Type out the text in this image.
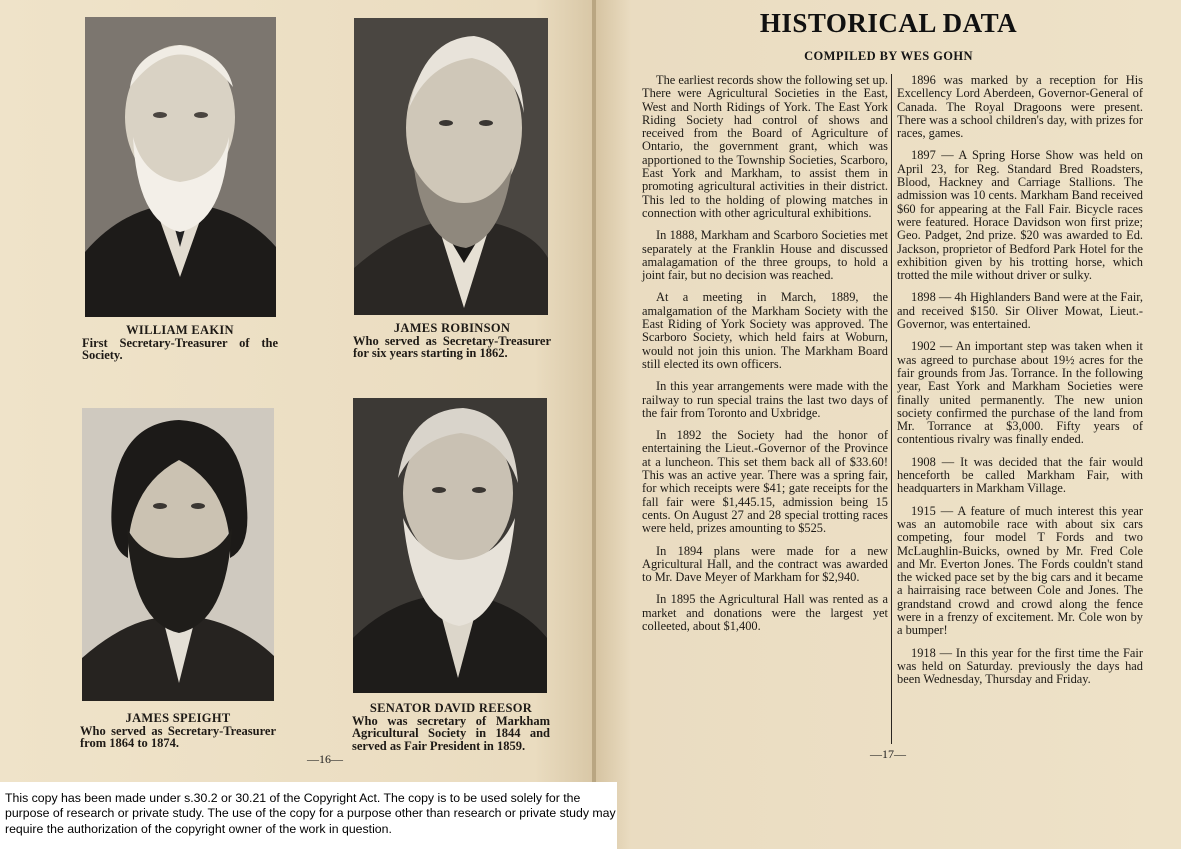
WILLIAM EAKIN
First Secretary-Treasurer of the Society.
JAMES ROBINSON
Who served as Secretary-Treasurer for six years starting in 1862.
JAMES SPEIGHT
Who served as Secretary-Treasurer from 1864 to 1874.
SENATOR DAVID REESOR
Who was secretary of Markham Agricultural Society in 1844 and served as Fair President in 1859.
—16—
HISTORICAL DATA
COMPILED BY WES GOHN

The earliest records show the following set up. There were Agricultural Societies in the East, West and North Ridings of York. The East York Riding Society had control of shows and received from the Board of Agriculture of Ontario, the government grant, which was apportioned to the Township Societies, Scarboro, East York and Markham, to assist them in promoting agricultural activities in their district. This led to the holding of plowing matches in connection with other agricultural exhibitions.

In 1888, Markham and Scarboro Societies met separately at the Franklin House and discussed amalagamation of the three groups, to hold a joint fair, but no decision was reached.

At a meeting in March, 1889, the amalgamation of the Markham Society with the East Riding of York Society was approved. The Scarboro Society, which held fairs at Woburn, would not join this union. The Markham Board still elected its own officers.

In this year arrangements were made with the railway to run special trains the last two days of the fair from Toronto and Uxbridge.

In 1892 the Society had the honor of entertaining the Lieut.-Governor of the Province at a luncheon. This set them back all of $33.60! This was an active year. There was a spring fair, for which receipts were $41; gate receipts for the fall fair were $1,445.15, admission being 15 cents. On August 27 and 28 special trotting races were held, prizes amounting to $525.

In 1894 plans were made for a new Agricultural Hall, and the contract was awarded to Mr. Dave Meyer of Markham for $2,940.

In 1895 the Agricultural Hall was rented as a market and donations were the largest yet colleeted, about $1,400.

1896 was marked by a reception for His Excellency Lord Aberdeen, Governor-General of Canada. The Royal Dragoons were present. There was a school children's day, with prizes for races, games.

1897 — A Spring Horse Show was held on April 23, for Reg. Standard Bred Roadsters, Blood, Hackney and Carriage Stallions. The admission was 10 cents. Markham Band received $60 for appearing at the Fall Fair. Bicycle races were featured. Horace Davidson won first prize; Geo. Padget, 2nd prize. $20 was awarded to Ed. Jackson, proprietor of Bedford Park Hotel for the exhibition given by his trotting horse, which trotted the mile without driver or sulky.

1898 — 4h Highlanders Band were at the Fair, and received $150. Sir Oliver Mowat, Lieut.-Governor, was entertained.

1902 — An important step was taken when it was agreed to purchase about 19½ acres for the fair grounds from Jas. Torrance. In the following year, East York and Markham Societies were finally united permanently. The new union society confirmed the purchase of the land from Mr. Torrance at $3,000. Fifty years of contentious rivalry was finally ended.

1908 — It was decided that the fair would henceforth be called Markham Fair, with headquarters in Markham Village.

1915 — A feature of much interest this year was an automobile race with about six cars competing, four model T Fords and two McLaughlin-Buicks, owned by Mr. Fred Cole and Mr. Everton Jones. The Fords couldn't stand the wicked pace set by the big cars and it became a hairraising race between Cole and Jones. The grandstand crowd and crowd along the fence were in a frenzy of excitement. Mr. Cole won by a bumper!

1918 — In this year for the first time the Fair was held on Saturday. previously the days had been Wednesday, Thursday and Friday.

—17—
This copy has been made under s.30.2 or 30.21 of the Copyright Act. The copy is to be used solely for the purpose of research or private study. The use of the copy for a purpose other than research or private study may require the authorization of the copyright owner of the work in question.
